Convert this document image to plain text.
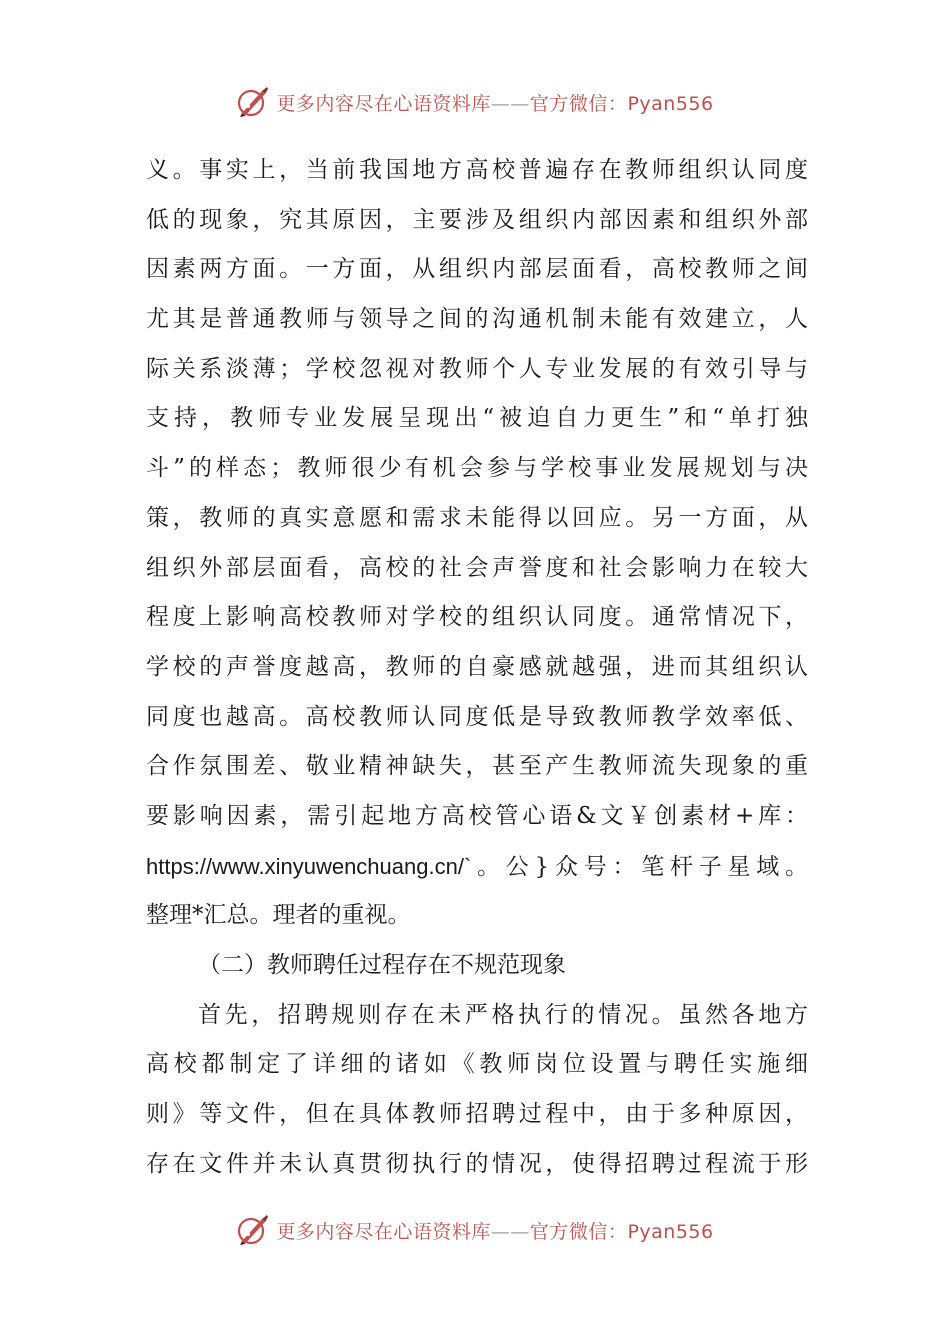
更多内容尽在心语资料库——官方微信：Pyan556
义。事实上，当前我国地方高校普遍存在教师组织认同度
低的现象，究其原因，主要涉及组织内部因素和组织外部
因素两方面。一方面，从组织内部层面看，高校教师之间
尤其是普通教师与领导之间的沟通机制未能有效建立，人
际关系淡薄；学校忽视对教师个人专业发展的有效引导与
支持，教师专业发展呈现出“被迫自力更生”和“单打独
斗”的样态；教师很少有机会参与学校事业发展规划与决
策，教师的真实意愿和需求未能得以回应。另一方面，从
组织外部层面看，高校的社会声誉度和社会影响力在较大
程度上影响高校教师对学校的组织认同度。通常情况下，
学校的声誉度越高，教师的自豪感就越强，进而其组织认
同度也越高。高校教师认同度低是导致教师教学效率低、
合作氛围差、敬业精神缺失，甚至产生教师流失现象的重
要影响因素，需引起地方高校管心语&文￥创素材+库：
https://www.xinyuwenchuang.cn/`。公}众号：笔杆子星域。
整理*汇总。理者的重视。
（二）教师聘任过程存在不规范现象
首先，招聘规则存在未严格执行的情况。虽然各地方
高校都制定了详细的诸如《教师岗位设置与聘任实施细
则》等文件，但在具体教师招聘过程中，由于多种原因，
存在文件并未认真贯彻执行的情况，使得招聘过程流于形
更多内容尽在心语资料库——官方微信：Pyan556
